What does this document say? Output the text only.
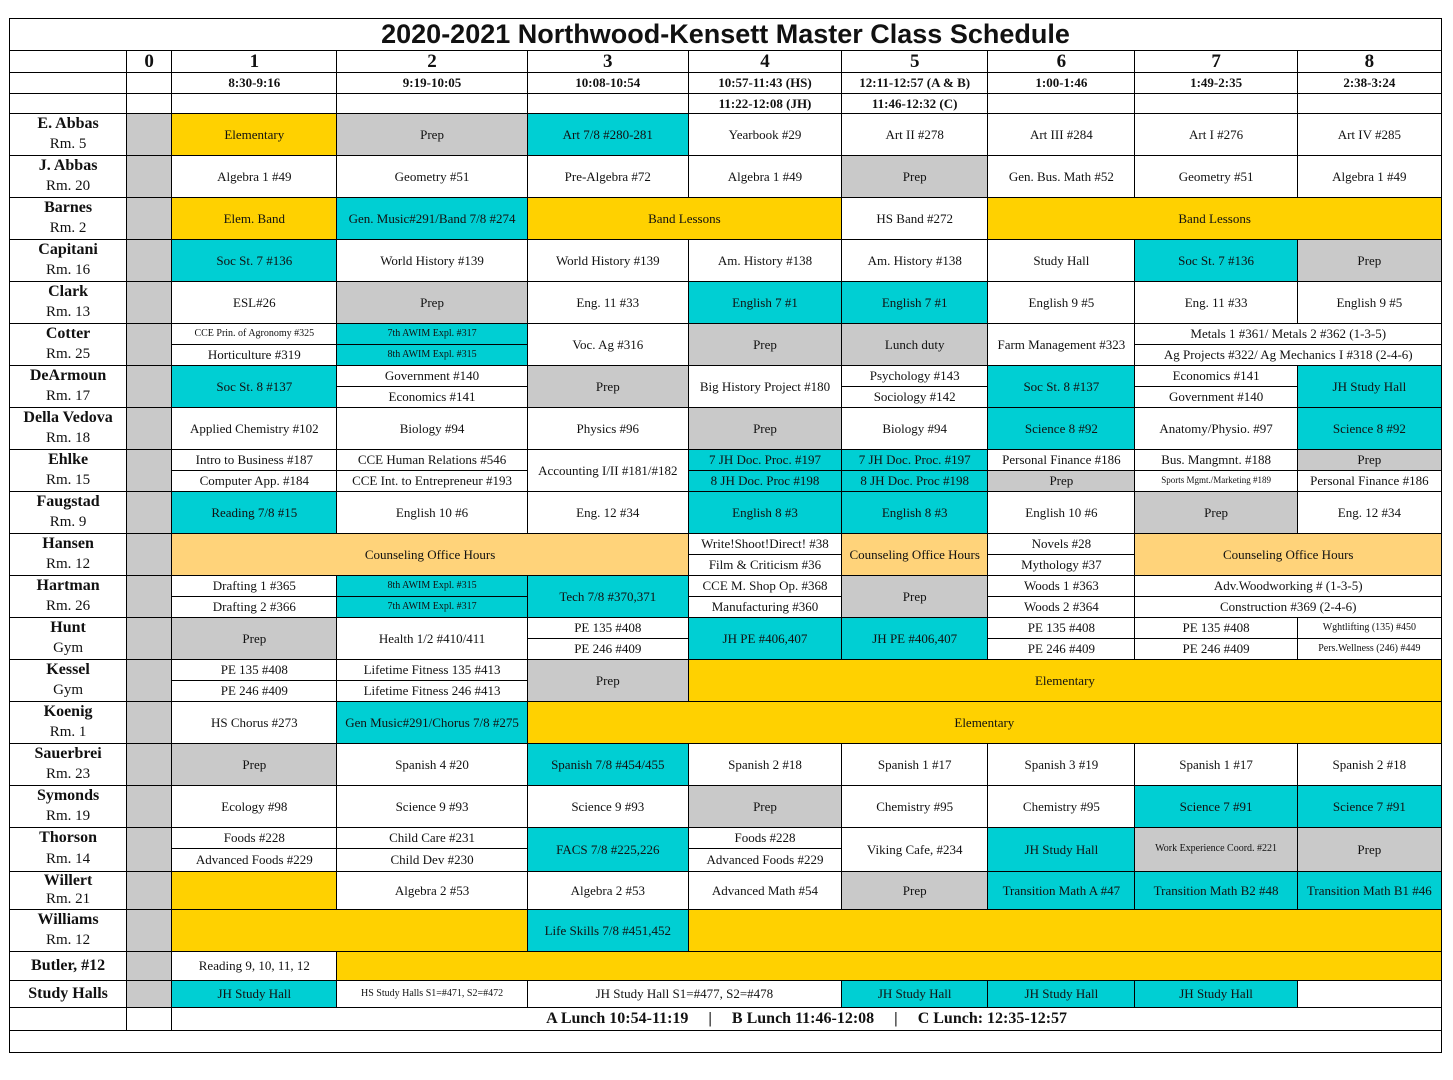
2020-2021 Northwood-Kensett Master Class Schedule									
	0	1	2	3	4	5	6	7	8
		8:30-9:16	9:19-10:05	10:08-10:54	10:57-11:43 (HS)	12:11-12:57 (A & B)	1:00-1:46	1:49-2:35	2:38-3:24
					11:22-12:08 (JH)	11:46-12:32 (C)			
E. Abbas		Elementary	Prep	Art 7/8 #280-281	Yearbook #29	Art II #278	Art III #284	Art I #276	Art IV #285
Rm. 5									
J. Abbas		Algebra 1 #49	Geometry #51	Pre-Algebra #72	Algebra 1 #49	Prep	Gen. Bus. Math #52	Geometry #51	Algebra 1 #49
Rm. 20									
Barnes		Elem. Band	Gen. Music#291/Band 7/8 #274	Band Lessons		HS Band #272	Band Lessons		
Rm. 2									
Capitani		Soc St. 7 #136	World History #139	World History #139	Am. History #138	Am. History #138	Study Hall	Soc St. 7 #136	Prep
Rm. 16									
Clark		ESL#26	Prep	Eng. 11 #33	English 7 #1	English 7 #1	English 9 #5	Eng. 11 #33	English 9 #5
Rm. 13									
Cotter		CCE Prin. of Agronomy #325	7th AWIM Expl. #317	Voc. Ag #316	Prep	Lunch duty	Farm Management #323	Metals 1 #361/ Metals 2 #362 (1-3-5)	
Rm. 25		Horticulture #319	8th AWIM Expl. #315					Ag Projects #322/ Ag Mechanics I #318 (2-4-6)	
DeArmoun		Soc St. 8 #137	Government #140	Prep	Big History Project #180	Psychology #143	Soc St. 8 #137	Economics #141	JH Study Hall
Rm. 17			Economics #141			Sociology #142		Government #140	
Della Vedova		Applied Chemistry #102	Biology #94	Physics #96	Prep	Biology #94	Science 8 #92	Anatomy/Physio. #97	Science 8 #92
Rm. 18									
Ehlke		Intro to Business #187	CCE Human Relations #546	Accounting I/II #181/#182	7 JH Doc. Proc. #197	7 JH Doc. Proc. #197	Personal Finance #186	Bus. Mangmnt. #188	Prep
Rm. 15		Computer App. #184	CCE Int. to Entrepreneur #193		8 JH Doc. Proc #198	8 JH Doc. Proc #198	Prep	Sports Mgmt./Marketing #189	Personal Finance #186
Faugstad		Reading 7/8 #15	English 10 #6	Eng. 12 #34	English 8 #3	English 8 #3	English 10 #6	Prep	Eng. 12 #34
Rm. 9									
Hansen		Counseling Office Hours			Write!Shoot!Direct! #38	Counseling Office Hours	Novels #28	Counseling Office Hours	
Rm. 12					Film & Criticism #36		Mythology #37		
Hartman		Drafting 1 #365	8th AWIM Expl. #315	Tech 7/8 #370,371	CCE M. Shop Op. #368	Prep	Woods 1 #363	Adv.Woodworking # (1-3-5)	
Rm. 26		Drafting 2 #366	7th AWIM Expl. #317		Manufacturing #360		Woods 2 #364	Construction #369 (2-4-6)	
Hunt		Prep	Health 1/2 #410/411	PE 135 #408	JH PE #406,407	JH PE #406,407	PE 135 #408	PE 135 #408	Wghtlifting (135) #450
Gym				PE 246 #409			PE 246 #409	PE 246 #409	Pers.Wellness (246) #449
Kessel		PE 135 #408	Lifetime Fitness 135 #413	Prep	Elementary				
Gym		PE 246 #409	Lifetime Fitness 246 #413						
Koenig		HS Chorus #273	Gen Music#291/Chorus 7/8 #275	Elementary					
Rm. 1									
Sauerbrei		Prep	Spanish 4 #20	Spanish 7/8 #454/455	Spanish 2 #18	Spanish 1 #17	Spanish 3 #19	Spanish 1 #17	Spanish 2 #18
Rm. 23									
Symonds		Ecology #98	Science 9 #93	Science 9 #93	Prep	Chemistry #95	Chemistry #95	Science 7 #91	Science 7 #91
Rm. 19									
Thorson		Foods #228	Child Care #231	FACS 7/8 #225,226	Foods #228	Viking Cafe, #234	JH Study Hall	Work Experience Coord. #221	Prep
Rm. 14		Advanced Foods #229	Child Dev #230		Advanced Foods #229				
Willert			Algebra 2 #53	Algebra 2 #53	Advanced Math #54	Prep	Transition Math A #47	Transition Math B2 #48	Transition Math B1 #46
Rm. 21									
Williams				Life Skills 7/8 #451,452					
Rm. 12									
Butler, #12		Reading 9, 10, 11, 12							
Study Halls		JH Study Hall	HS Study Halls S1=#471, S2=#472	JH Study Hall S1=#477, S2=#478		JH Study Hall	JH Study Hall	JH Study Hall	
		A Lunch 10:54-11:19     |     B Lunch 11:46-12:08     |     C Lunch: 12:35-12:57							
